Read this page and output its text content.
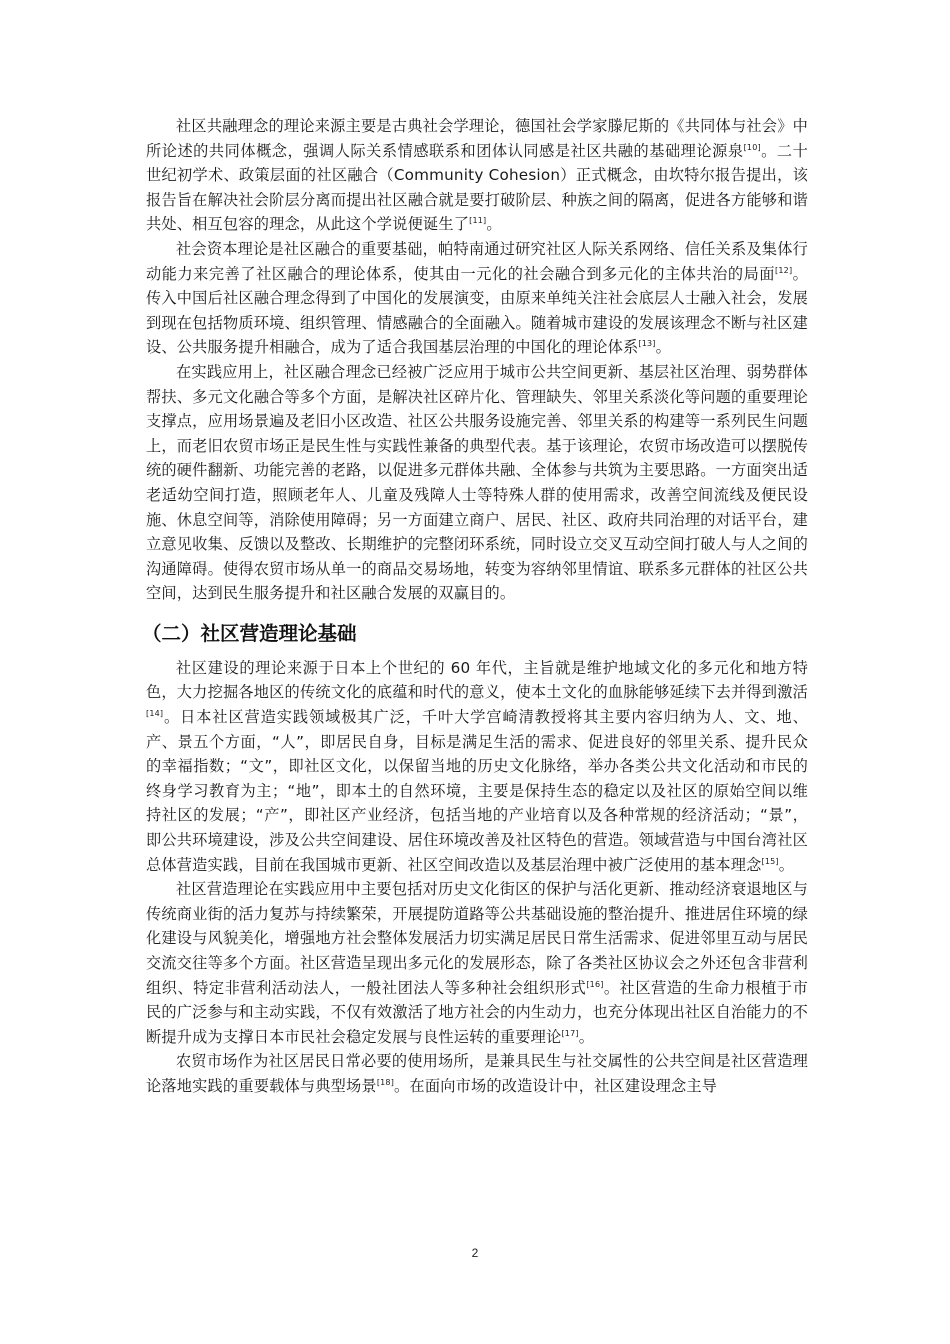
社区共融理念的理论来源主要是古典社会学理论，德国社会学家滕尼斯的《共同体与社会》中所论述的共同体概念，强调人际关系情感联系和团体认同感是社区共融的基础理论源泉[10]。二十世纪初学术、政策层面的社区融合（Community Cohesion）正式概念，由坎特尔报告提出，该报告旨在解决社会阶层分离而提出社区融合就是要打破阶层、种族之间的隔离，促进各方能够和谐共处、相互包容的理念，从此这个学说便诞生了[11]。

社会资本理论是社区融合的重要基础，帕特南通过研究社区人际关系网络、信任关系及集体行动能力来完善了社区融合的理论体系，使其由一元化的社会融合到多元化的主体共治的局面[12]。传入中国后社区融合理念得到了中国化的发展演变，由原来单纯关注社会底层人士融入社会，发展到现在包括物质环境、组织管理、情感融合的全面融入。随着城市建设的发展该理念不断与社区建设、公共服务提升相融合，成为了适合我国基层治理的中国化的理论体系[13]。

在实践应用上，社区融合理念已经被广泛应用于城市公共空间更新、基层社区治理、弱势群体帮扶、多元文化融合等多个方面，是解决社区碎片化、管理缺失、邻里关系淡化等问题的重要理论支撑点，应用场景遍及老旧小区改造、社区公共服务设施完善、邻里关系的构建等一系列民生问题上，而老旧农贸市场正是民生性与实践性兼备的典型代表。基于该理论，农贸市场改造可以摆脱传统的硬件翻新、功能完善的老路，以促进多元群体共融、全体参与共筑为主要思路。一方面突出适老适幼空间打造，照顾老年人、儿童及残障人士等特殊人群的使用需求，改善空间流线及便民设施、休息空间等，消除使用障碍；另一方面建立商户、居民、社区、政府共同治理的对话平台，建立意见收集、反馈以及整改、长期维护的完整闭环系统，同时设立交叉互动空间打破人与人之间的沟通障碍。使得农贸市场从单一的商品交易场地，转变为容纳邻里情谊、联系多元群体的社区公共空间，达到民生服务提升和社区融合发展的双赢目的。

（二）社区营造理论基础

社区建设的理论来源于日本上个世纪的 60 年代，主旨就是维护地域文化的多元化和地方特色，大力挖掘各地区的传统文化的底蕴和时代的意义，使本土文化的血脉能够延续下去并得到激活[14]。日本社区营造实践领域极其广泛，千叶大学宫崎清教授将其主要内容归纳为人、文、地、产、景五个方面，“人”，即居民自身，目标是满足生活的需求、促进良好的邻里关系、提升民众的幸福指数；“文”，即社区文化，以保留当地的历史文化脉络，举办各类公共文化活动和市民的终身学习教育为主；“地”，即本土的自然环境，主要是保持生态的稳定以及社区的原始空间以维持社区的发展；“产”，即社区产业经济，包括当地的产业培育以及各种常规的经济活动；“景”，即公共环境建设，涉及公共空间建设、居住环境改善及社区特色的营造。领域营造与中国台湾社区总体营造实践，目前在我国城市更新、社区空间改造以及基层治理中被广泛使用的基本理念[15]。

社区营造理论在实践应用中主要包括对历史文化街区的保护与活化更新、推动经济衰退地区与传统商业街的活力复苏与持续繁荣，开展提防道路等公共基础设施的整治提升、推进居住环境的绿化建设与风貌美化，增强地方社会整体发展活力切实满足居民日常生活需求、促进邻里互动与居民交流交往等多个方面。社区营造呈现出多元化的发展形态，除了各类社区协议会之外还包含非营利组织、特定非营利活动法人，一般社团法人等多种社会组织形式[16]。社区营造的生命力根植于市民的广泛参与和主动实践，不仅有效激活了地方社会的内生动力，也充分体现出社区自治能力的不断提升成为支撑日本市民社会稳定发展与良性运转的重要理论[17]。

农贸市场作为社区居民日常必要的使用场所，是兼具民生与社交属性的公共空间是社区营造理论落地实践的重要载体与典型场景[18]。在面向市场的改造设计中，社区建设理念主导

2
